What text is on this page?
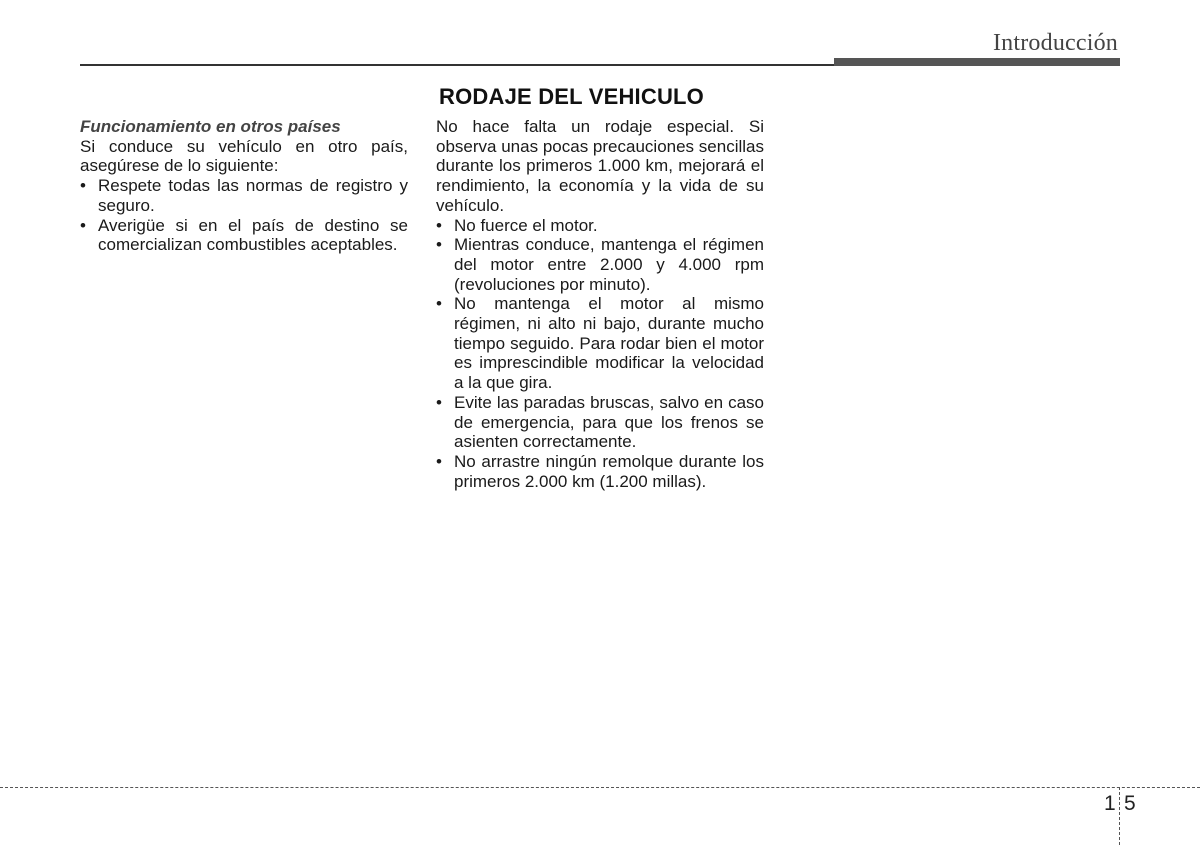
Introducción
RODAJE DEL VEHICULO

Funcionamiento en otros países

Si conduce su vehículo en otro país, asegúrese de lo siguiente:

• Respete todas las normas de registro y seguro.
• Averigüe si en el país de destino se comercializan combustibles aceptables.

No hace falta un rodaje especial. Si observa unas pocas precauciones sencillas durante los primeros 1.000 km, mejorará el rendimiento, la economía y la vida de su vehículo.

• No fuerce el motor.
• Mientras conduce, mantenga el régimen del motor entre 2.000 y 4.000 rpm (revoluciones por minuto).
• No mantenga el motor al mismo régimen, ni alto ni bajo, durante mucho tiempo seguido. Para rodar bien el motor es imprescindible modificar la velocidad a la que gira.
• Evite las paradas bruscas, salvo en caso de emergencia, para que los frenos se asienten correctamente.
• No arrastre ningún remolque durante los primeros 2.000 km (1.200 millas).
1 5
